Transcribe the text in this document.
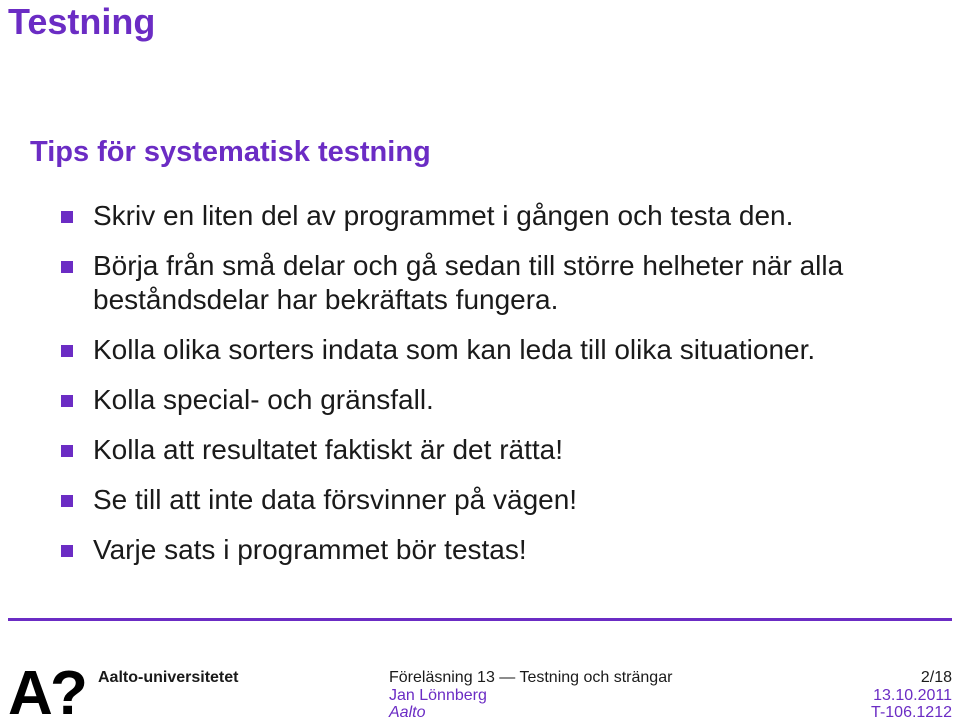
Testning
Tips för systematisk testning
Skriv en liten del av programmet i gången och testa den.
Börja från små delar och gå sedan till större helheter när alla beståndsdelar har bekräftats fungera.
Kolla olika sorters indata som kan leda till olika situationer.
Kolla special- och gränsfall.
Kolla att resultatet faktiskt är det rätta!
Se till att inte data försvinner på vägen!
Varje sats i programmet bör testas!
A
? Aalto-universitetet	Föreläsning 13 — Testning och strängar
Jan Lönnberg
Aalto
2/18
13.10.2011
T-106.1212
